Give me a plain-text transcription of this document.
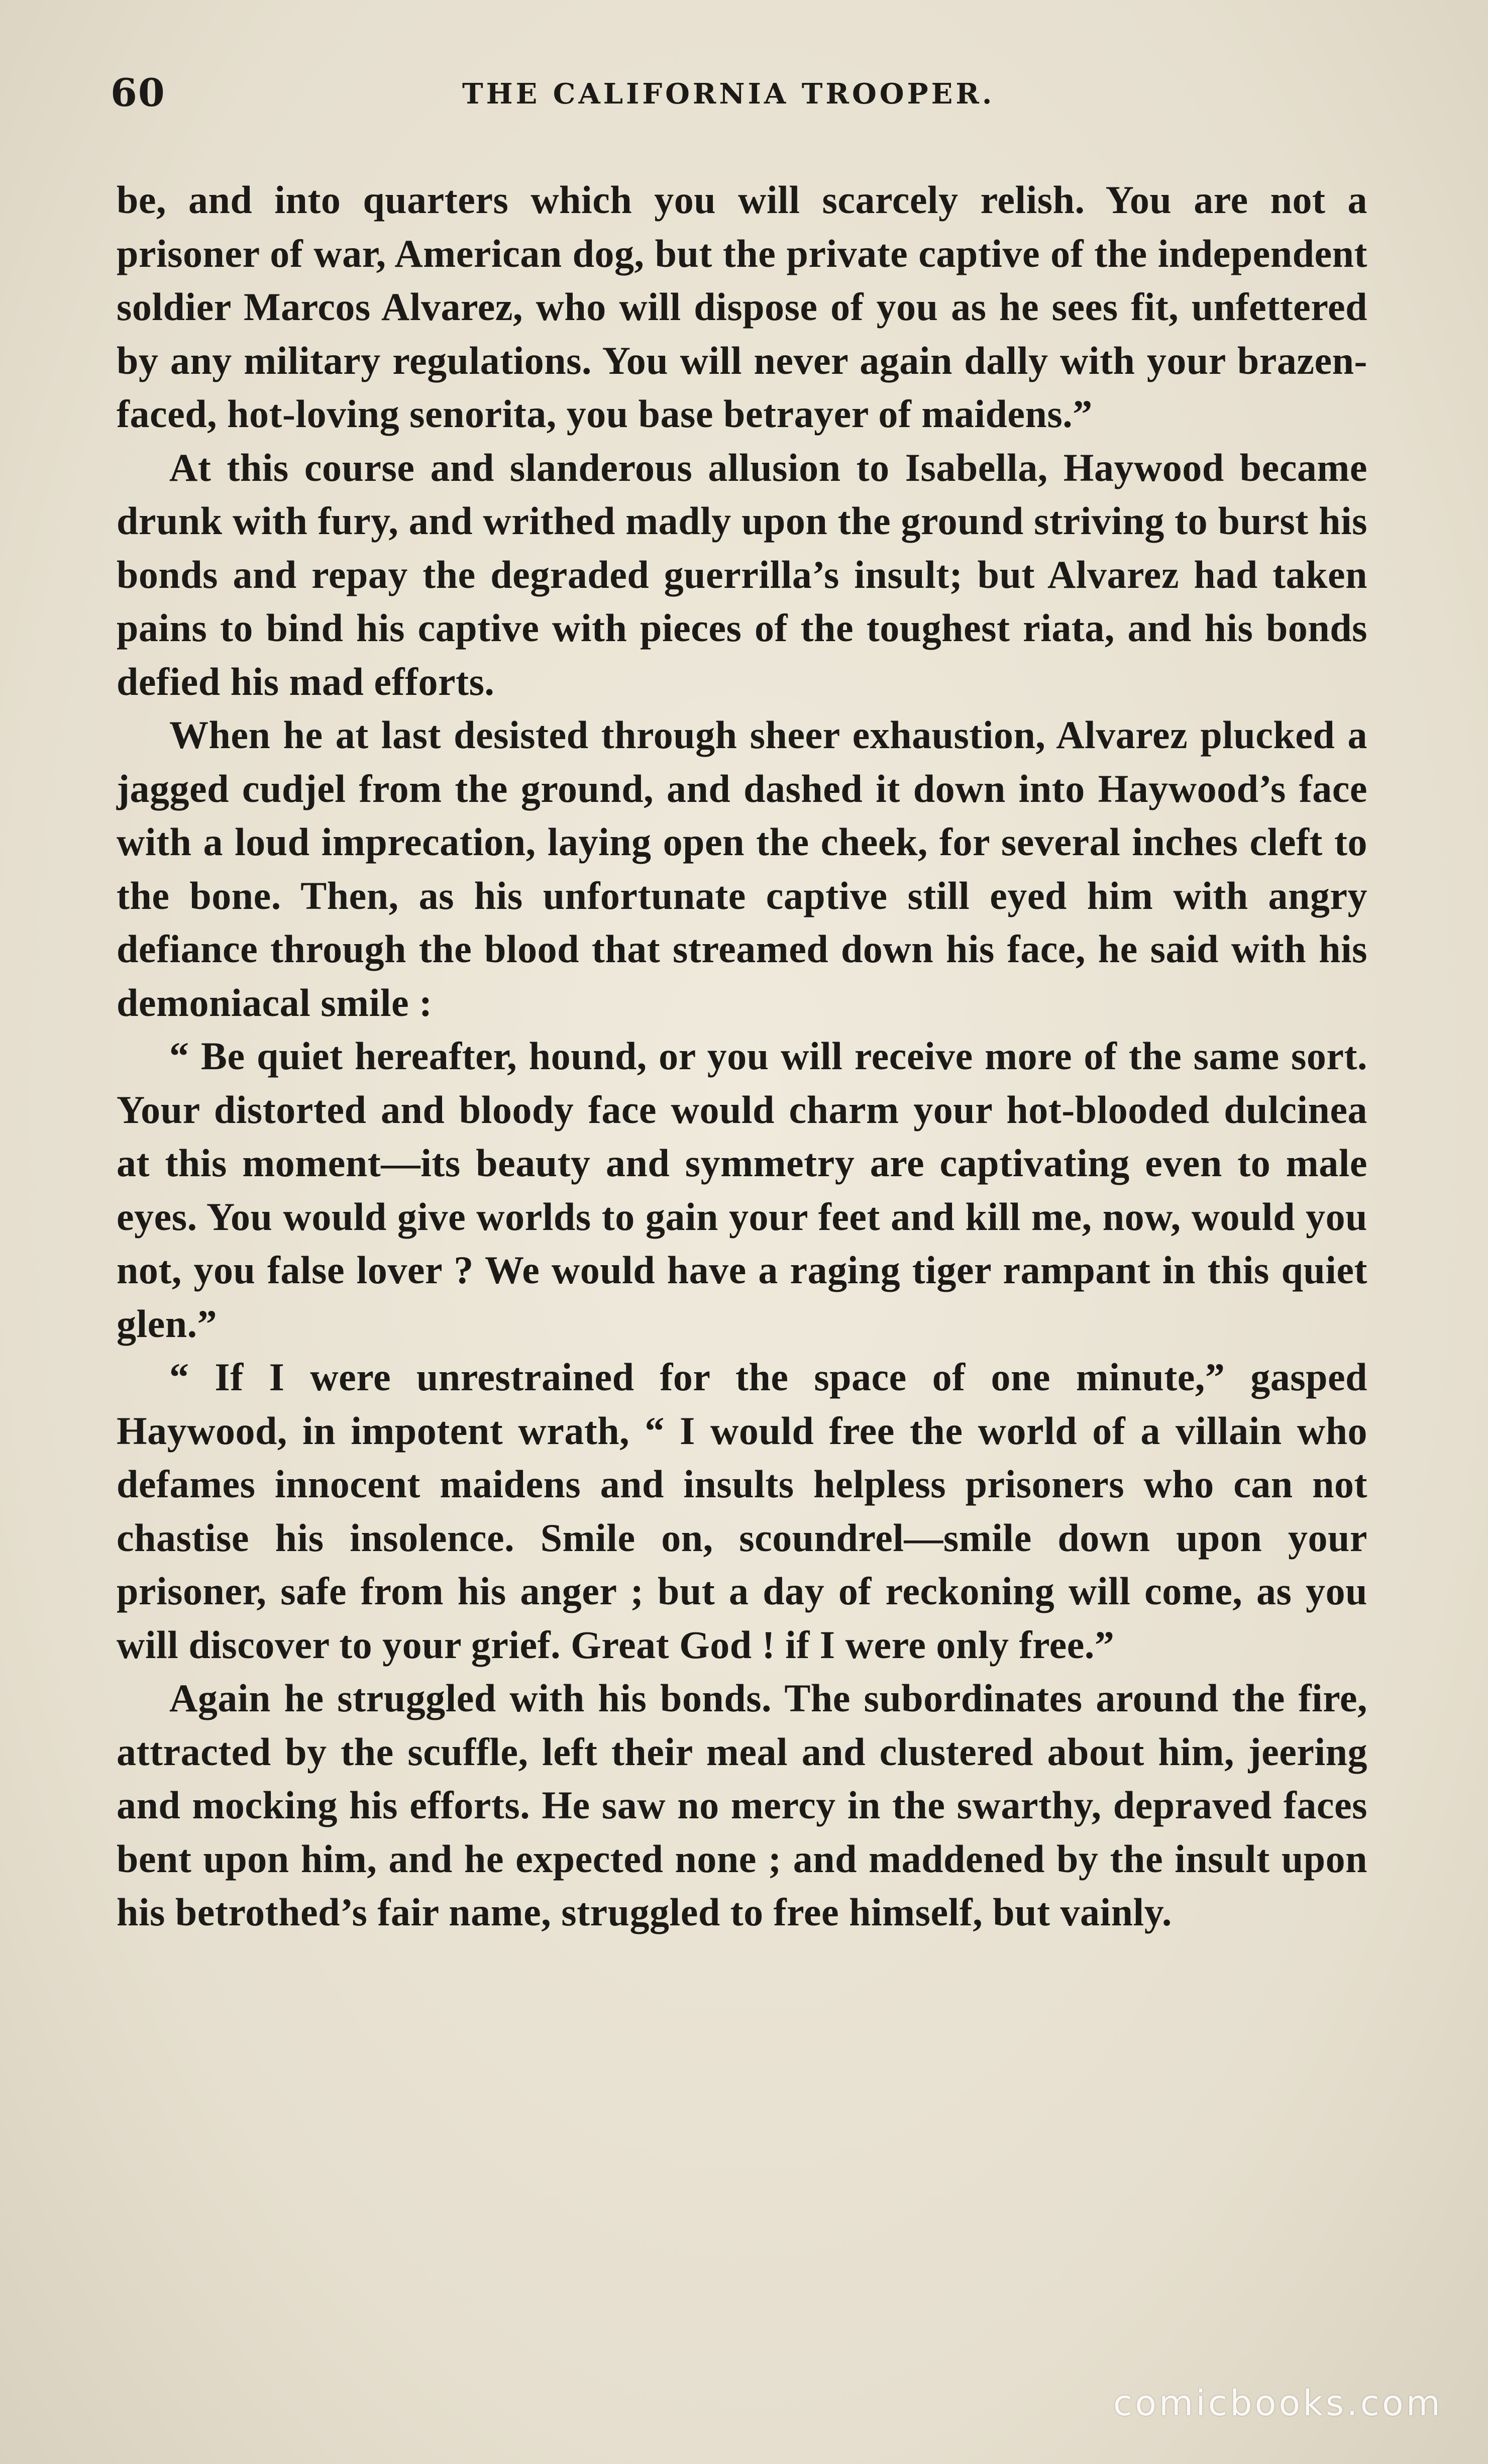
60	THE CALIFORNIA TROOPER.

be, and into quarters which you will scarcely relish. You are not a prisoner of war, American dog, but the private captive of the independent soldier Marcos Alvarez, who will dispose of you as he sees fit, unfettered by any military regulations. You will never again dally with your brazen-faced, hot-loving senorita, you base betrayer of maidens.”

At this course and slanderous allusion to Isabella, Haywood became drunk with fury, and writhed madly upon the ground striving to burst his bonds and repay the degraded guerrilla’s insult; but Alvarez had taken pains to bind his captive with pieces of the toughest riata, and his bonds defied his mad efforts.

When he at last desisted through sheer exhaustion, Alvarez plucked a jagged cudjel from the ground, and dashed it down into Haywood’s face with a loud imprecation, laying open the cheek, for several inches cleft to the bone. Then, as his unfortunate captive still eyed him with angry defiance through the blood that streamed down his face, he said with his demoniacal smile :

“ Be quiet hereafter, hound, or you will receive more of the same sort. Your distorted and bloody face would charm your hot-blooded dulcinea at this moment––its beauty and symmetry are captivating even to male eyes. You would give worlds to gain your feet and kill me, now, would you not, you false lover ? We would have a raging tiger rampant in this quiet glen.”

“ If I were unrestrained for the space of one minute,” gasped Haywood, in impotent wrath, “ I would free the world of a villain who defames innocent maidens and insults helpless prisoners who can not chastise his insolence. Smile on, scoundrel—smile down upon your prisoner, safe from his anger ; but a day of reckoning will come, as you will discover to your grief. Great God ! if I were only free.”

Again he struggled with his bonds. The subordinates around the fire, attracted by the scuffle, left their meal and clustered about him, jeering and mocking his efforts. He saw no mercy in the swarthy, depraved faces bent upon him, and he expected none ; and maddened by the insult upon his betrothed’s fair name, struggled to free himself, but vainly.

comicbooks.com
